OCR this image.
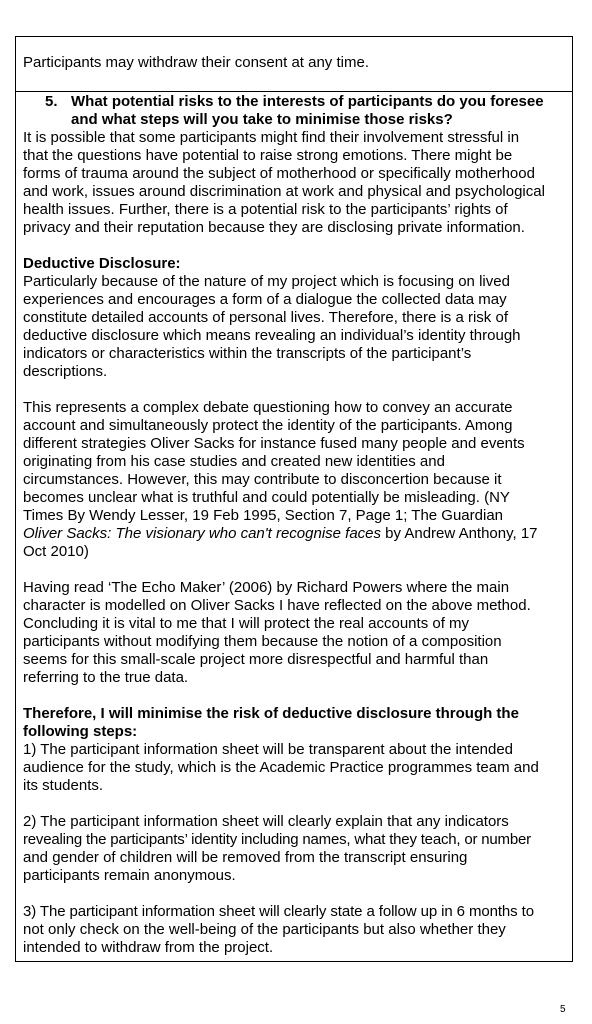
Participants may withdraw their consent at any time.

5. What potential risks to the interests of participants do you foresee

and what steps will you take to minimise those risks?

It is possible that some participants might find their involvement stressful in
that the questions have potential to raise strong emotions. There might be
forms of trauma around the subject of motherhood or specifically motherhood
and work, issues around discrimination at work and physical and psychological
health issues. Further, there is a potential risk to the participants’ rights of
privacy and their reputation because they are disclosing private information.
Deductive Disclosure:
Particularly because of the nature of my project which is focusing on lived
experiences and encourages a form of a dialogue the collected data may
constitute detailed accounts of personal lives. Therefore, there is a risk of
deductive disclosure which means revealing an individual’s identity through
indicators or characteristics within the transcripts of the participant’s
descriptions.
This represents a complex debate questioning how to convey an accurate
account and simultaneously protect the identity of the participants. Among
different strategies Oliver Sacks for instance fused many people and events
originating from his case studies and created new identities and
circumstances. However, this may contribute to disconcertion because it
becomes unclear what is truthful and could potentially be misleading. (NY
Times By Wendy Lesser, 19 Feb 1995, Section 7, Page 1; The Guardian
Oliver Sacks: The visionary who can't recognise faces by Andrew Anthony, 17
Oct 2010)
Having read ‘The Echo Maker’ (2006) by Richard Powers where the main
character is modelled on Oliver Sacks I have reflected on the above method.
Concluding it is vital to me that I will protect the real accounts of my
participants without modifying them because the notion of a composition
seems for this small-scale project more disrespectful and harmful than
referring to the true data.
Therefore, I will minimise the risk of deductive disclosure through the
following steps:
1) The participant information sheet will be transparent about the intended
audience for the study, which is the Academic Practice programmes team and
its students.
2) The participant information sheet will clearly explain that any indicators
revealing the participants’ identity including names, what they teach, or number
and gender of children will be removed from the transcript ensuring
participants remain anonymous.
3) The participant information sheet will clearly state a follow up in 6 months to
not only check on the well-being of the participants but also whether they
intended to withdraw from the project.
5
